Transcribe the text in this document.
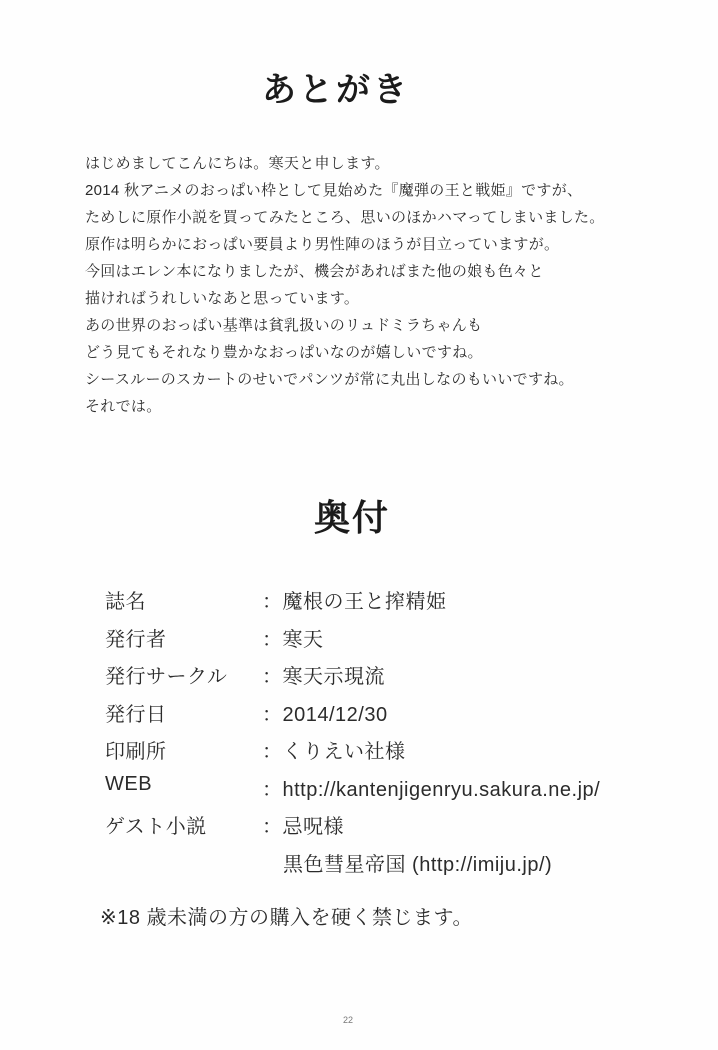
あとがき

はじめましてこんにちは。寒天と申します。

2014 秋アニメのおっぱい枠として見始めた『魔弾の王と戦姫』ですが、

ためしに原作小説を買ってみたところ、思いのほかハマってしまいました。

原作は明らかにおっぱい要員より男性陣のほうが目立っていますが。

今回はエレン本になりましたが、機会があればまた他の娘も色々と

描ければうれしいなあと思っています。

あの世界のおっぱい基準は貧乳扱いのリュドミラちゃんも

どう見てもそれなり豊かなおっぱいなのが嬉しいですね。

シースルーのスカートのせいでパンツが常に丸出しなのもいいですね。

それでは。

奥付
誌名	：魔根の王と搾精姫
発行者	：寒天
発行サークル	：寒天示現流
発行日	：2014/12/30
印刷所	：くりえい社様
WEB	：http://kantenjigenryu.sakura.ne.jp/
ゲスト小説	：忌呪様
黒色彗星帝国 (http://imiju.jp/)

※18 歳未満の方の購入を硬く禁じます。

22
